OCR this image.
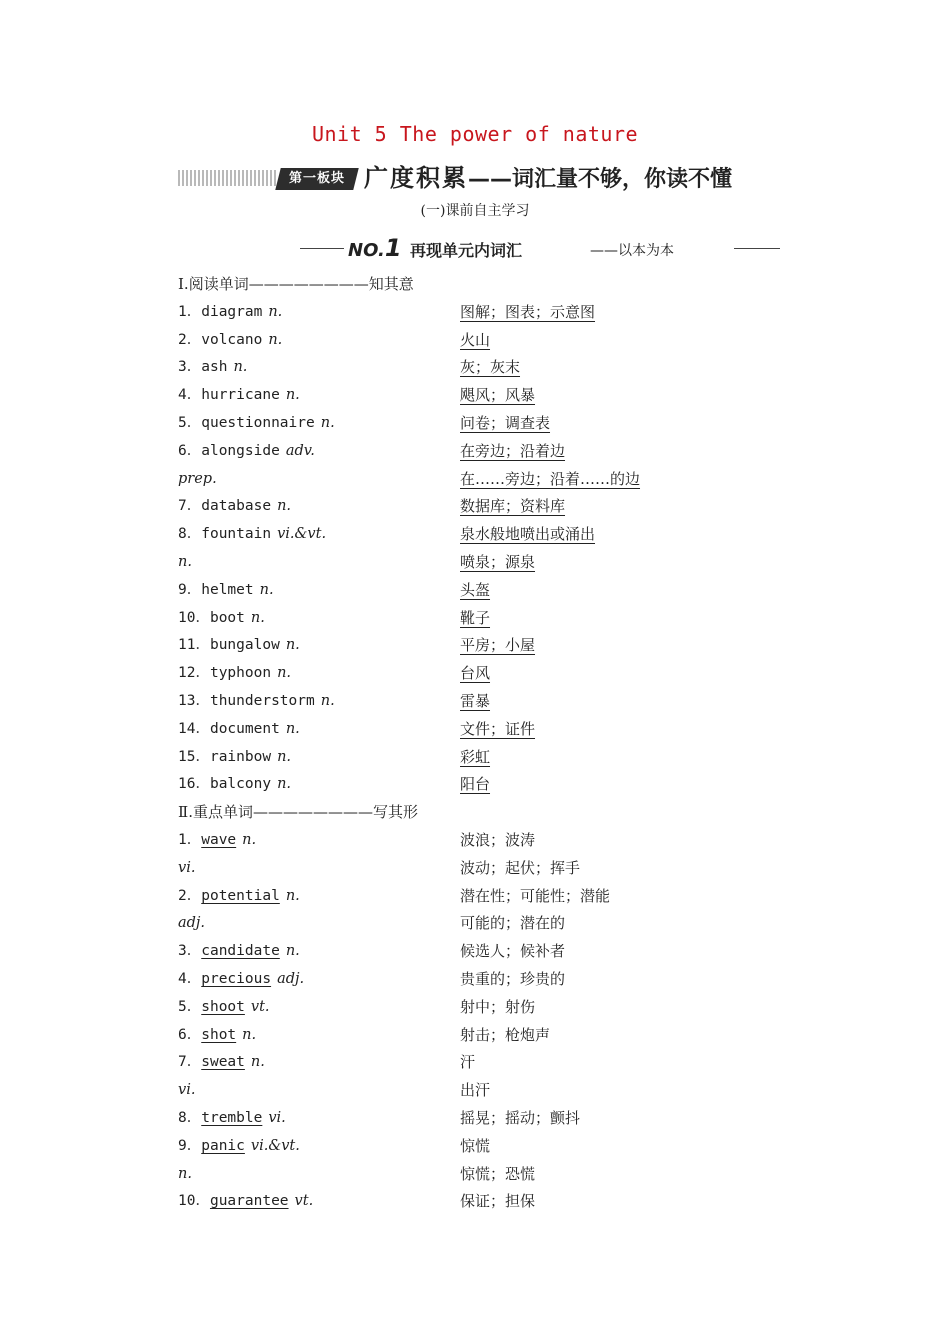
Unit 5 The power of nature
第一板块 广度积累——词汇量不够，你读不懂
(一)课前自主学习
NO.1 再现单元内词汇	——以本为本
Ⅰ.阅读单词————————知其意
1．diagram n.	图解；图表；示意图
2．volcano n.	火山
3．ash n.	灰；灰末
4．hurricane n.	飓风；风暴
5．questionnaire n.	问卷；调查表
6．alongside adv.	在旁边；沿着边
prep.	在……旁边；沿着……的边
7．database n.	数据库；资料库
8．fountain vi.&vt.	泉水般地喷出或涌出
n.	喷泉；源泉
9．helmet n.	头盔
10．boot n.	靴子
11．bungalow n.	平房；小屋
12．typhoon n.	台风
13．thunderstorm n.	雷暴
14．document n.	文件；证件
15．rainbow n.	彩虹
16．balcony n.	阳台
Ⅱ.重点单词————————写其形
1．wave n.	波浪；波涛
vi.	波动；起伏；挥手
2．potential n.	潜在性；可能性；潜能
adj.	可能的；潜在的
3．candidate n.	候选人；候补者
4．precious adj.	贵重的；珍贵的
5．shoot vt.	射中；射伤
6．shot n.	射击；枪炮声
7．sweat n.	汗
vi.	出汗
8．tremble vi.	摇晃；摇动；颤抖
9．panic vi.&vt.	惊慌
n.	惊慌；恐慌
10．guarantee vt.	保证；担保
